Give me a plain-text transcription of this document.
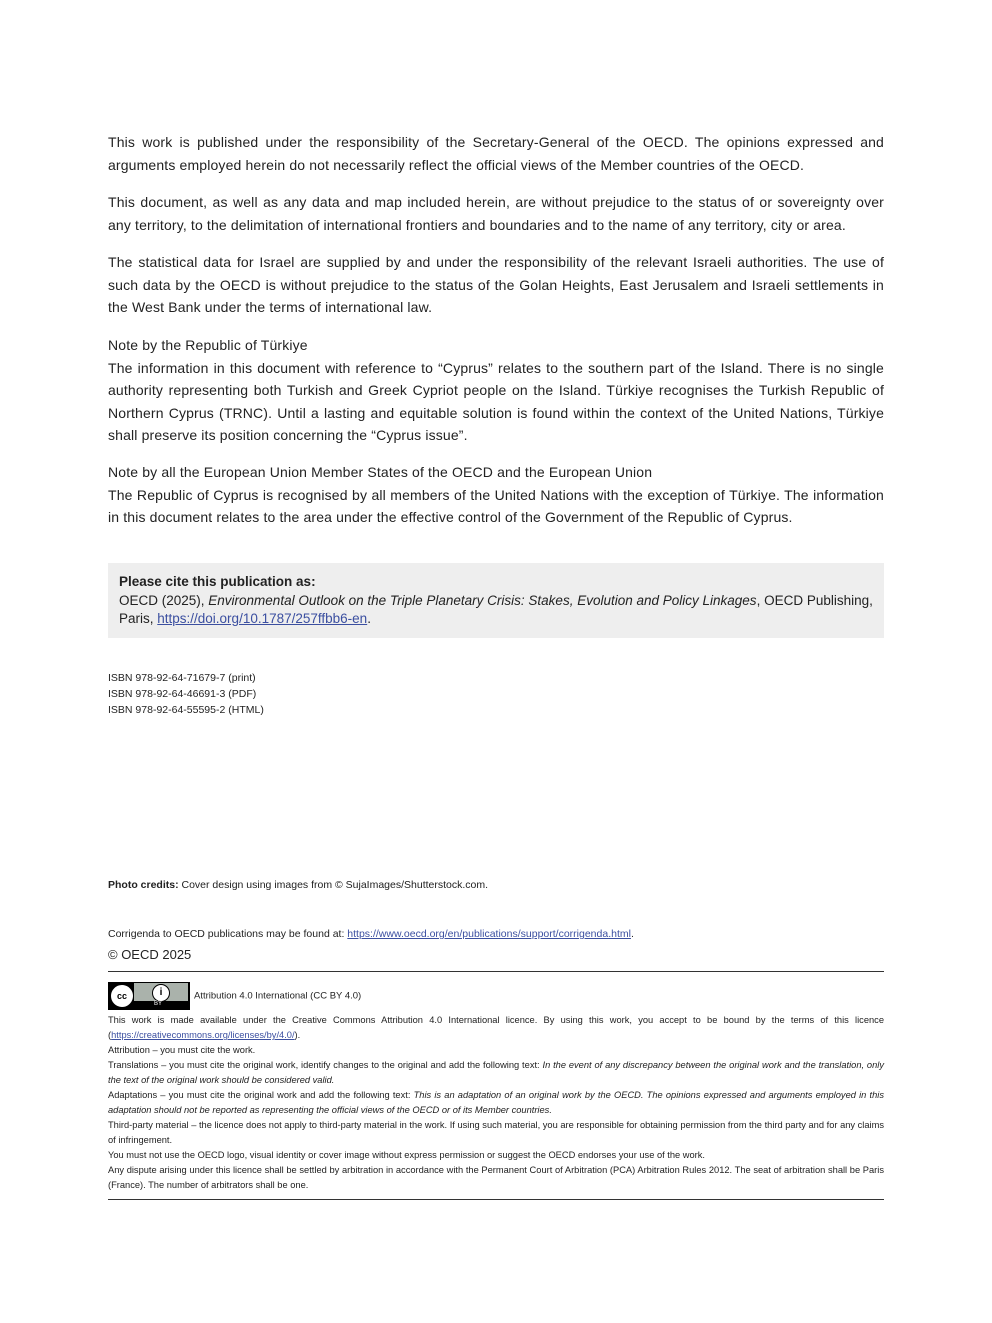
This work is published under the responsibility of the Secretary-General of the OECD. The opinions expressed and arguments employed herein do not necessarily reflect the official views of the Member countries of the OECD.

This document, as well as any data and map included herein, are without prejudice to the status of or sovereignty over any territory, to the delimitation of international frontiers and boundaries and to the name of any territory, city or area.

The statistical data for Israel are supplied by and under the responsibility of the relevant Israeli authorities. The use of such data by the OECD is without prejudice to the status of the Golan Heights, East Jerusalem and Israeli settlements in the West Bank under the terms of international law.

Note by the Republic of Türkiye
The information in this document with reference to “Cyprus” relates to the southern part of the Island. There is no single authority representing both Turkish and Greek Cypriot people on the Island. Türkiye recognises the Turkish Republic of Northern Cyprus (TRNC). Until a lasting and equitable solution is found within the context of the United Nations, Türkiye shall preserve its position concerning the “Cyprus issue”.
Note by all the European Union Member States of the OECD and the European Union
The Republic of Cyprus is recognised by all members of the United Nations with the exception of Türkiye. The information in this document relates to the area under the effective control of the Government of the Republic of Cyprus.
Please cite this publication as:
OECD (2025), Environmental Outlook on the Triple Planetary Crisis: Stakes, Evolution and Policy Linkages, OECD Publishing, Paris, https://doi.org/10.1787/257ffbb6-en.
ISBN 978-92-64-71679-7 (print)
ISBN 978-92-64-46691-3 (PDF)
ISBN 978-92-64-55595-2 (HTML)
Photo credits: Cover design using images from © SujaImages/Shutterstock.com.
Corrigenda to OECD publications may be found at: https://www.oecd.org/en/publications/support/corrigenda.html.
© OECD 2025
cc	i
BY
Attribution 4.0 International (CC BY 4.0)
This work is made available under the Creative Commons Attribution 4.0 International licence. By using this work, you accept to be bound by the terms of this licence (https://creativecommons.org/licenses/by/4.0/).
Attribution – you must cite the work.
Translations – you must cite the original work, identify changes to the original and add the following text: In the event of any discrepancy between the original work and the translation, only the text of the original work should be considered valid.
Adaptations – you must cite the original work and add the following text: This is an adaptation of an original work by the OECD. The opinions expressed and arguments employed in this adaptation should not be reported as representing the official views of the OECD or of its Member countries.
Third-party material – the licence does not apply to third-party material in the work. If using such material, you are responsible for obtaining permission from the third party and for any claims of infringement.
You must not use the OECD logo, visual identity or cover image without express permission or suggest the OECD endorses your use of the work.
Any dispute arising under this licence shall be settled by arbitration in accordance with the Permanent Court of Arbitration (PCA) Arbitration Rules 2012. The seat of arbitration shall be Paris (France). The number of arbitrators shall be one.
